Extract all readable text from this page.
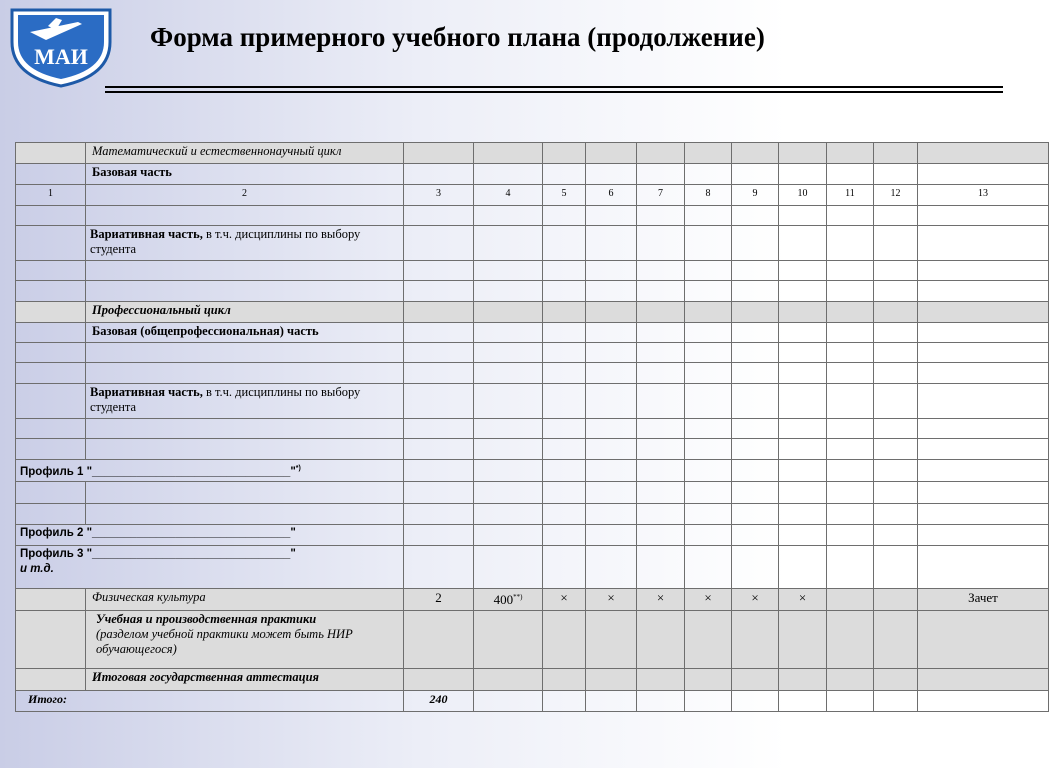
МАИ
Форма примерного учебного плана (продолжение)
	Математический и естественнонаучный цикл											
	Базовая часть											
1	2	3	4	5	6	7	8	9	10	11	12	13

	Вариативная часть, в т.ч. дисциплины по выбору студента											

	Профессиональный цикл											
	Базовая (общепрофессиональная) часть											

	Вариативная часть, в т.ч. дисциплины по выбору студента											

Профиль 1 "_______________________________"*)											

Профиль 2 "_______________________________"												
Профиль 3 "_______________________________"
и т.д.												
	Физическая культура	2	400**)	×	×	×	×	×	×			Зачет

	Учебная и производственная практики
(разделом учебной практики может быть НИР обучающегося)											

	Итоговая государственная аттестация											
Итого:		240										
